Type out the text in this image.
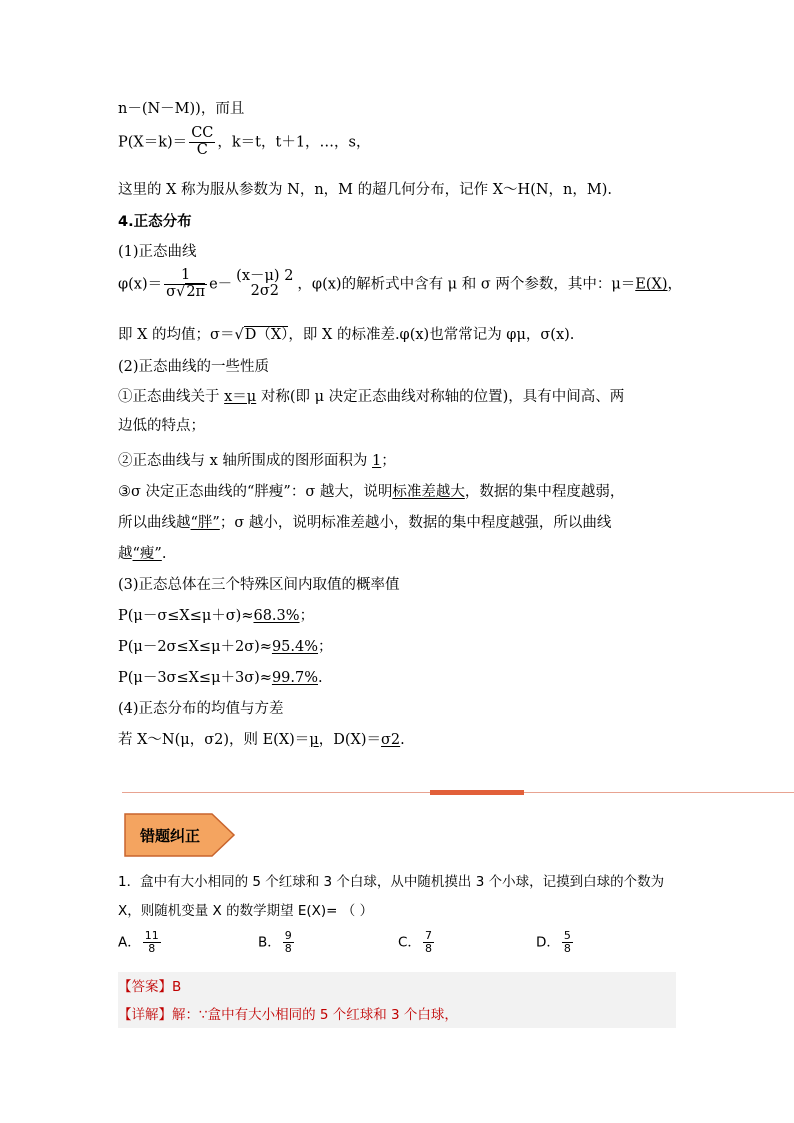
n－(N－M))，而且
$P(X=k)= \frac{CC}{C}$ ，k＝t，t＋1，…，s，
这里的 X 称为服从参数为 N，n，M 的超几何分布，记作 X～H(N，n，M).
4.正态分布
(1)正态曲线
$\varphi(x)= \frac{1}{\sigma√2\pi} e-$
(x－μ) 2
2σ2	，φ(x)的解析式中含有 μ 和 σ 两个参数，其中：μ＝E(X)，
即 X 的均值；σ＝√D（X），即 X 的标准差.φ(x)也常常记为 φμ，σ(x).
(2)正态曲线的一些性质
①正态曲线关于 x＝μ 对称(即 μ 决定正态曲线对称轴的位置)，具有中间高、两
边低的特点；
②正态曲线与 x 轴所围成的图形面积为 1；
③σ 决定正态曲线的“胖瘦”：σ 越大，说明标准差越大，数据的集中程度越弱，
所以曲线越“胖”；σ 越小，说明标准差越小，数据的集中程度越强，所以曲线
越“瘦”.
(3)正态总体在三个特殊区间内取值的概率值
P(μ－σ≤X≤μ＋σ)≈68.3%；
P(μ－2σ≤X≤μ＋2σ)≈95.4%；
P(μ－3σ≤X≤μ＋3σ)≈99.7%.
(4)正态分布的均值与方差
若 X～N(μ，σ2)，则 E(X)＝μ，D(X)＝σ2.
错题纠正
1．盒中有大小相同的 5 个红球和 3 个白球，从中随机摸出 3 个小球，记摸到白球的个数为
X，则随机变量 X 的数学期望 E(X)= （ ）
A． $\frac{11}{8}$	B． $\frac{9}{8}$	C． $\frac{7}{8}$	D． $\frac{5}{8}$
【答案】B
【详解】解：∵盒中有大小相同的 5 个红球和 3 个白球，
